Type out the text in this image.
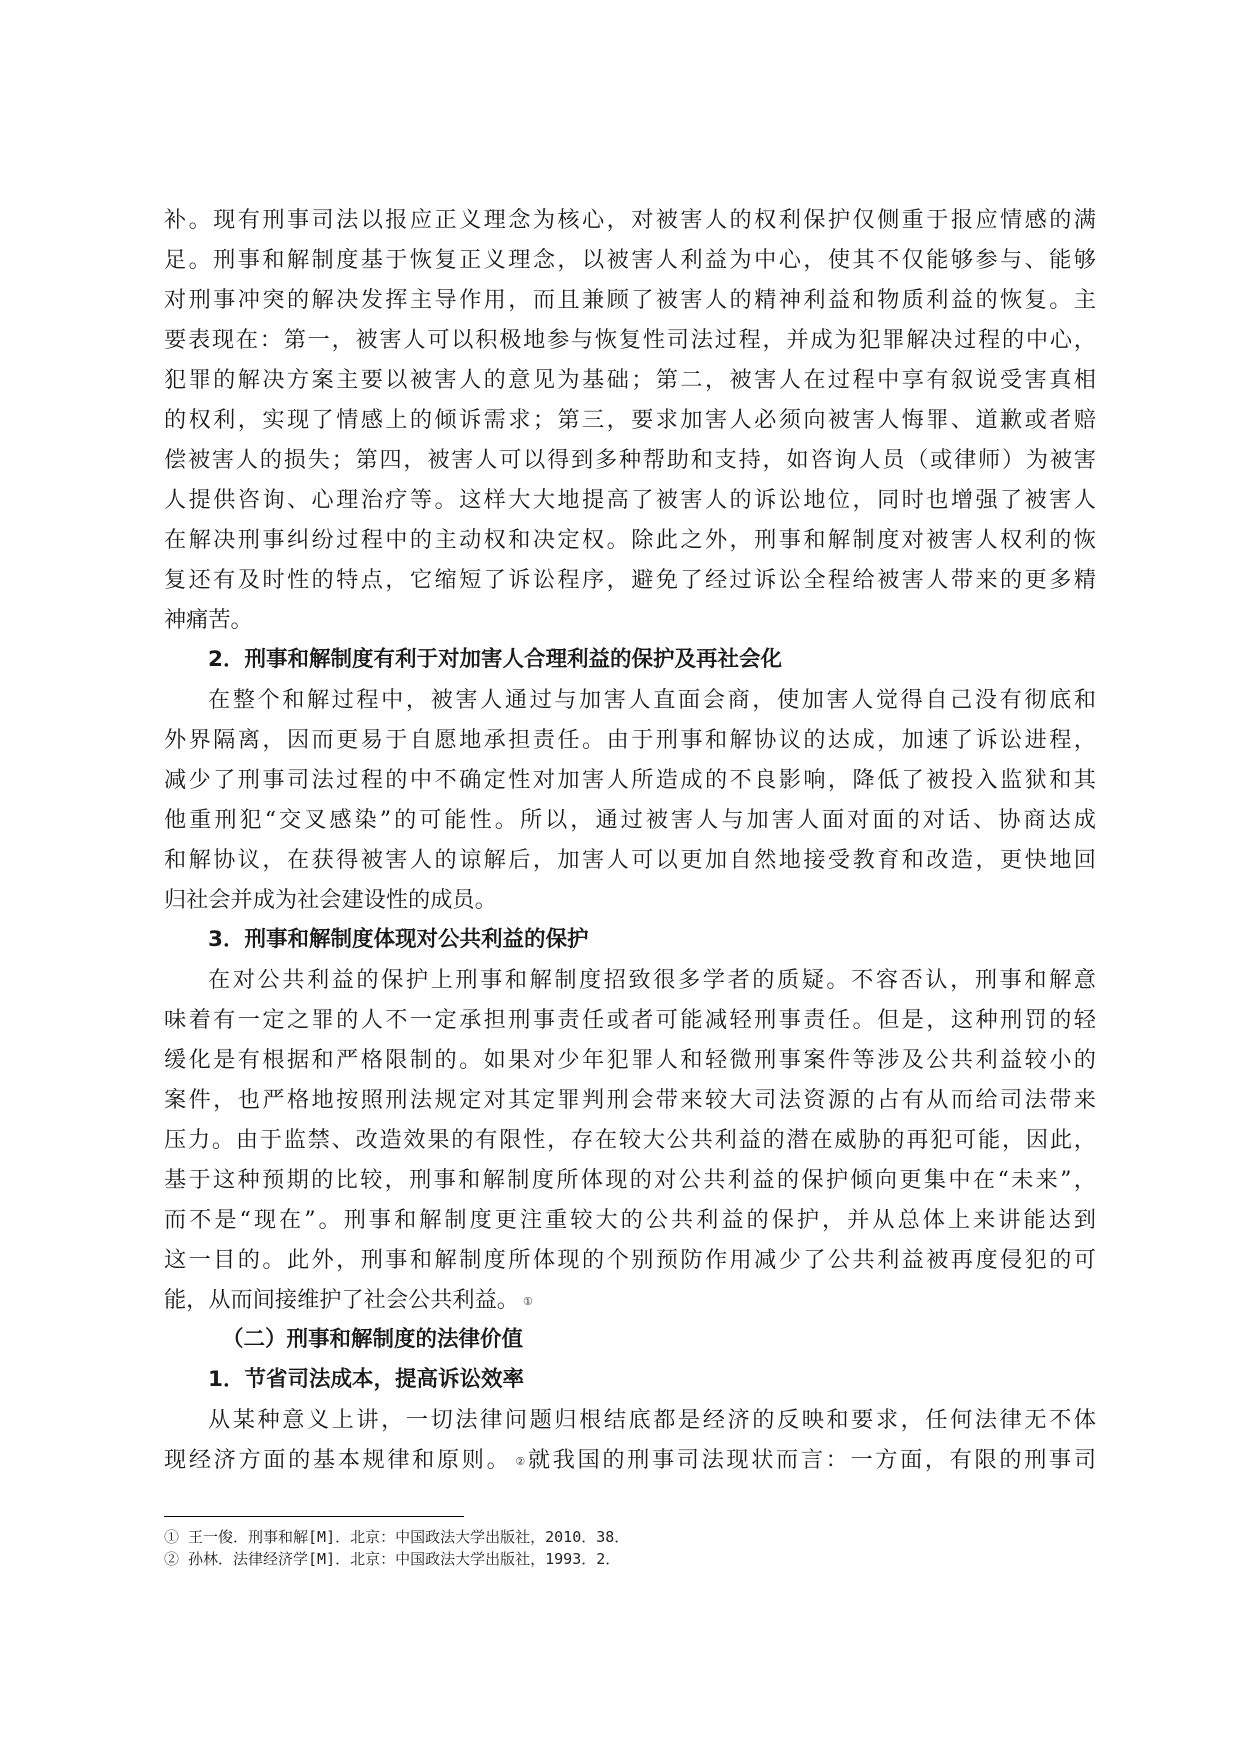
补。现有刑事司法以报应正义理念为核心，对被害人的权利保护仅侧重于报应情感的满
足。刑事和解制度基于恢复正义理念，以被害人利益为中心，使其不仅能够参与、能够
对刑事冲突的解决发挥主导作用，而且兼顾了被害人的精神利益和物质利益的恢复。主
要表现在：第一，被害人可以积极地参与恢复性司法过程，并成为犯罪解决过程的中心，
犯罪的解决方案主要以被害人的意见为基础；第二，被害人在过程中享有叙说受害真相
的权利，实现了情感上的倾诉需求；第三，要求加害人必须向被害人悔罪、道歉或者赔
偿被害人的损失；第四，被害人可以得到多种帮助和支持，如咨询人员（或律师）为被害
人提供咨询、心理治疗等。这样大大地提高了被害人的诉讼地位，同时也增强了被害人
在解决刑事纠纷过程中的主动权和决定权。除此之外，刑事和解制度对被害人权利的恢
复还有及时性的特点，它缩短了诉讼程序，避免了经过诉讼全程给被害人带来的更多精
神痛苦。
2．刑事和解制度有利于对加害人合理利益的保护及再社会化
在整个和解过程中，被害人通过与加害人直面会商，使加害人觉得自己没有彻底和
外界隔离，因而更易于自愿地承担责任。由于刑事和解协议的达成，加速了诉讼进程，
减少了刑事司法过程的中不确定性对加害人所造成的不良影响，降低了被投入监狱和其
他重刑犯“交叉感染”的可能性。所以，通过被害人与加害人面对面的对话、协商达成
和解协议，在获得被害人的谅解后，加害人可以更加自然地接受教育和改造，更快地回
归社会并成为社会建设性的成员。
3．刑事和解制度体现对公共利益的保护
在对公共利益的保护上刑事和解制度招致很多学者的质疑。不容否认，刑事和解意
味着有一定之罪的人不一定承担刑事责任或者可能减轻刑事责任。但是，这种刑罚的轻
缓化是有根据和严格限制的。如果对少年犯罪人和轻微刑事案件等涉及公共利益较小的
案件，也严格地按照刑法规定对其定罪判刑会带来较大司法资源的占有从而给司法带来
压力。由于监禁、改造效果的有限性，存在较大公共利益的潜在威胁的再犯可能，因此，
基于这种预期的比较，刑事和解制度所体现的对公共利益的保护倾向更集中在“未来”，
而不是“现在”。刑事和解制度更注重较大的公共利益的保护，并从总体上来讲能达到
这一目的。此外，刑事和解制度所体现的个别预防作用减少了公共利益被再度侵犯的可
能，从而间接维护了社会公共利益。 ①
（二）刑事和解制度的法律价值
1．节省司法成本，提高诉讼效率
从某种意义上讲，一切法律问题归根结底都是经济的反映和要求，任何法律无不体
现经济方面的基本规律和原则。 ②就我国的刑事司法现状而言：一方面，有限的刑事司
① 王一俊．刑事和解[M]．北京：中国政法大学出版社，2010．38．
② 孙林．法律经济学[M]．北京：中国政法大学出版社，1993．2．
